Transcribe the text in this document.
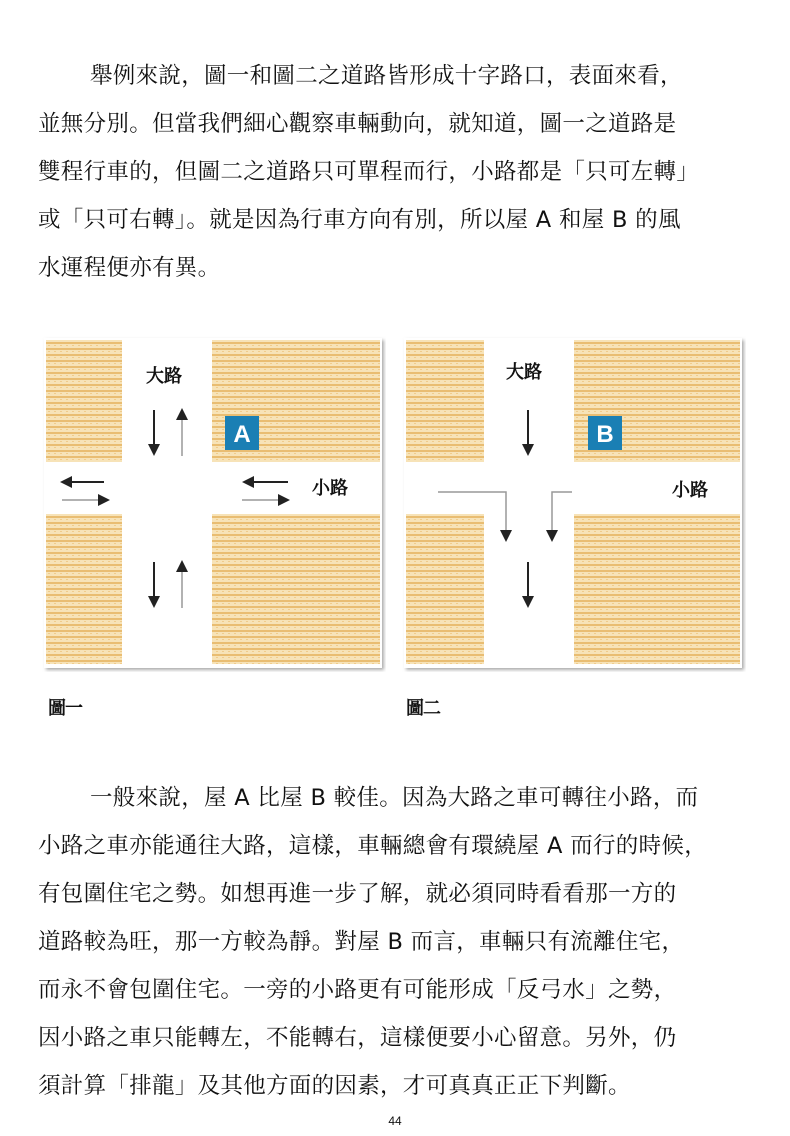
舉例來說，圖一和圖二之道路皆形成十字路口，表面來看，
並無分別。但當我們細心觀察車輛動向，就知道，圖一之道路是
雙程行車的，但圖二之道路只可單程而行，小路都是「只可左轉」
或「只可右轉」。就是因為行車方向有別，所以屋 A 和屋 B 的風
水運程便亦有異。
大路
小路
A
大路
小路
B
圖一	圖二
一般來說，屋 A 比屋 B 較佳。因為大路之車可轉往小路，而
小路之車亦能通往大路，這樣，車輛總會有環繞屋 A 而行的時候，
有包圍住宅之勢。如想再進一步了解，就必須同時看看那一方的
道路較為旺，那一方較為靜。對屋 B 而言，車輛只有流離住宅，
而永不會包圍住宅。一旁的小路更有可能形成「反弓水」之勢，
因小路之車只能轉左，不能轉右，這樣便要小心留意。另外，仍
須計算「排龍」及其他方面的因素，才可真真正正下判斷。
44
